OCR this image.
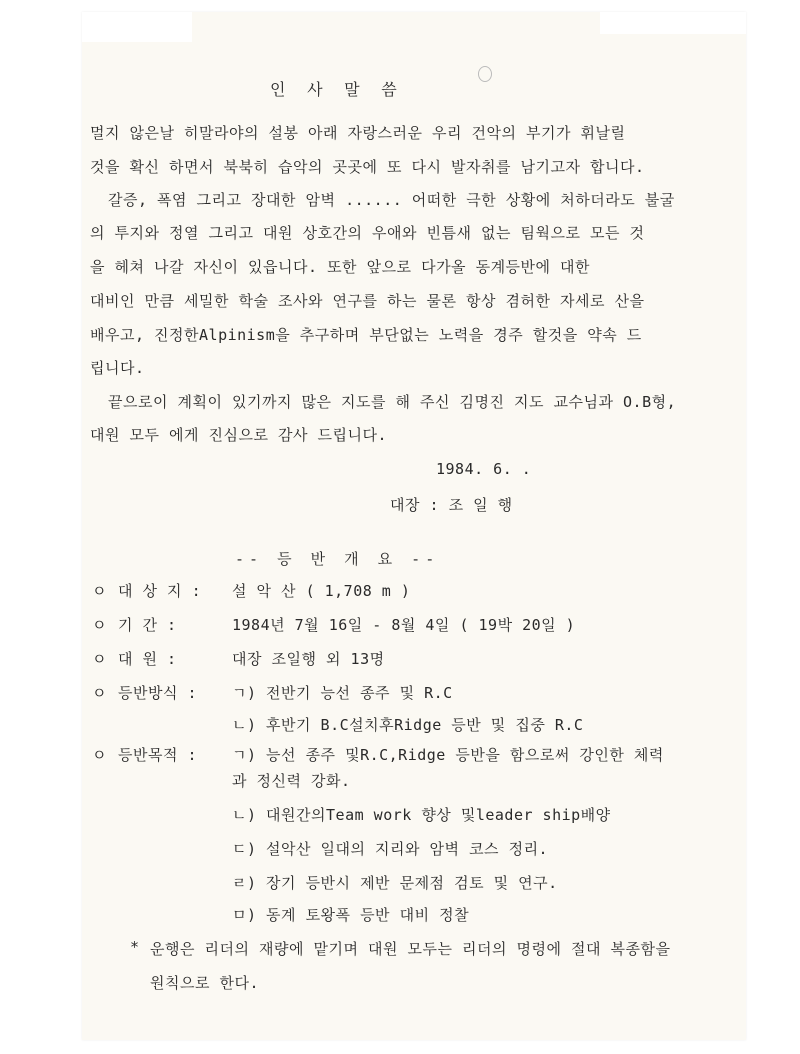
인 사 말 씀
멀지 않은날 히말라야의 설봉 아래 자랑스러운 우리 건악의 부기가 휘날릴
것을 확신 하면서 북북히 습악의 곳곳에 또 다시 발자취를 남기고자 합니다.
갈증, 폭염 그리고 장대한 암벽 ...... 어떠한 극한 상황에 처하더라도 불굴
의 투지와 정열 그리고 대원 상호간의 우애와 빈틈새 없는 팀웍으로 모든 것
을 헤쳐 나갈 자신이 있읍니다. 또한 앞으로 다가올 동계등반에 대한
대비인 만큼 세밀한 학술 조사와 연구를 하는 물론 항상 겸허한 자세로 산을
배우고, 진정한Alpinism을 추구하며 부단없는 노력을 경주 할것을 약속 드
립니다.
끝으로이 계획이 있기까지 많은 지도를 해 주신 김명진 지도 교수님과 O.B형,
대원 모두 에게 진심으로 감사 드립니다.
1984. 6. .
대장 : 조 일 행
-- 등 반 개 요 --
ㅇ 대 상 지 : 설 악 산 ( 1,708 m )
ㅇ 기 간 :	1984년 7월 16일 - 8월 4일 ( 19박 20일 )
ㅇ 대 원 :	대장 조일행 외 13명
ㅇ 등반방식 : ㄱ) 전반기 능선 종주 및 R.C
ㄴ) 후반기 B.C설치후Ridge 등반 및 집중 R.C
ㅇ 등반목적 : ㄱ) 능선 종주 및R.C,Ridge 등반을 함으로써 강인한 체력
과 정신력 강화.
ㄴ) 대원간의Team work 향상 및leader ship배양
ㄷ) 설악산 일대의 지리와 암벽 코스 정리.
ㄹ) 장기 등반시 제반 문제점 검토 및 연구.
ㅁ) 동계 토왕폭 등반 대비 정찰
* 운행은 리더의 재량에 맡기며 대원 모두는 리더의 명령에 절대 복종함을
원칙으로 한다.
